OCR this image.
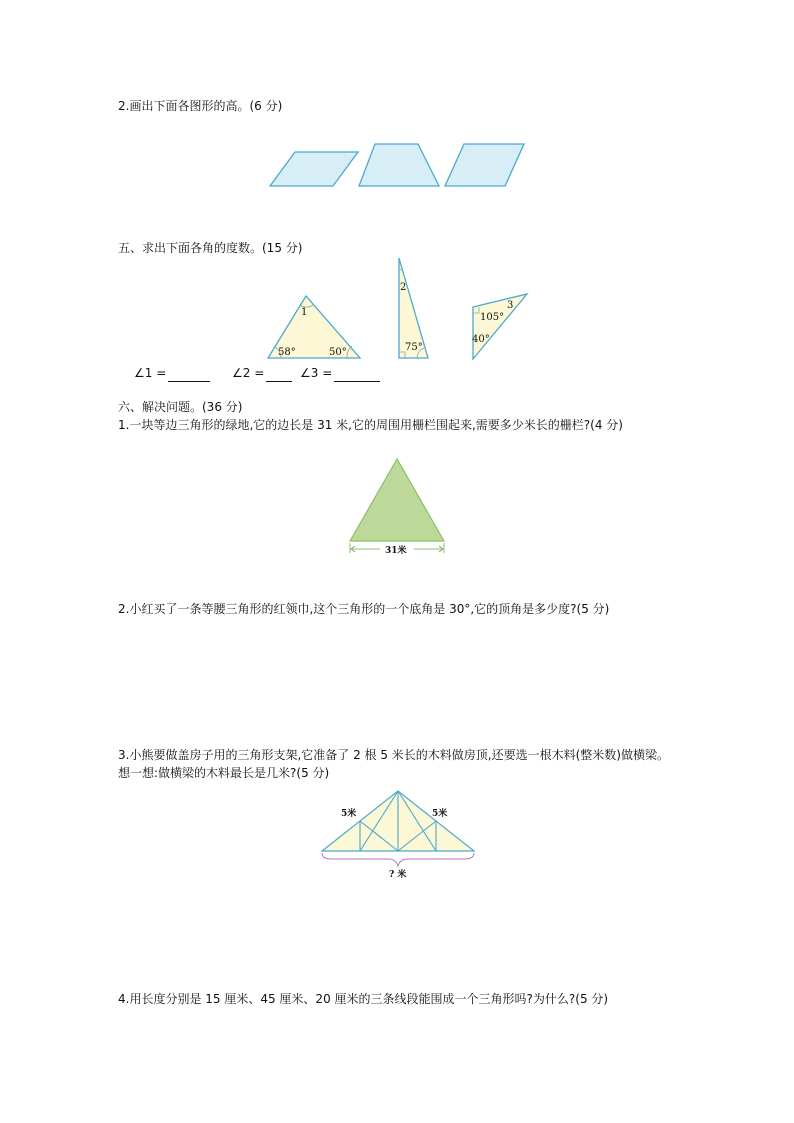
2.画出下面各图形的高。(6 分)
五、求出下面各角的度数。(15 分)
1
58°	50°
2
75°
105°
3
40°
∠1 =	∠2 =	∠3 =
六、解决问题。(36 分)
1.一块等边三角形的绿地,它的边长是 31 米,它的周围用栅栏围起来,需要多少米长的栅栏?(4 分)
31米
2.小红买了一条等腰三角形的红领巾,这个三角形的一个底角是 30°,它的顶角是多少度?(5 分)
3.小熊要做盖房子用的三角形支架,它准备了 2 根 5 米长的木料做房顶,还要选一根木料(整米数)做横梁。想一想:做横梁的木料最长是几米?(5 分)
5米	5米
? 米
4.用长度分别是 15 厘米、45 厘米、20 厘米的三条线段能围成一个三角形吗?为什么?(5 分)
